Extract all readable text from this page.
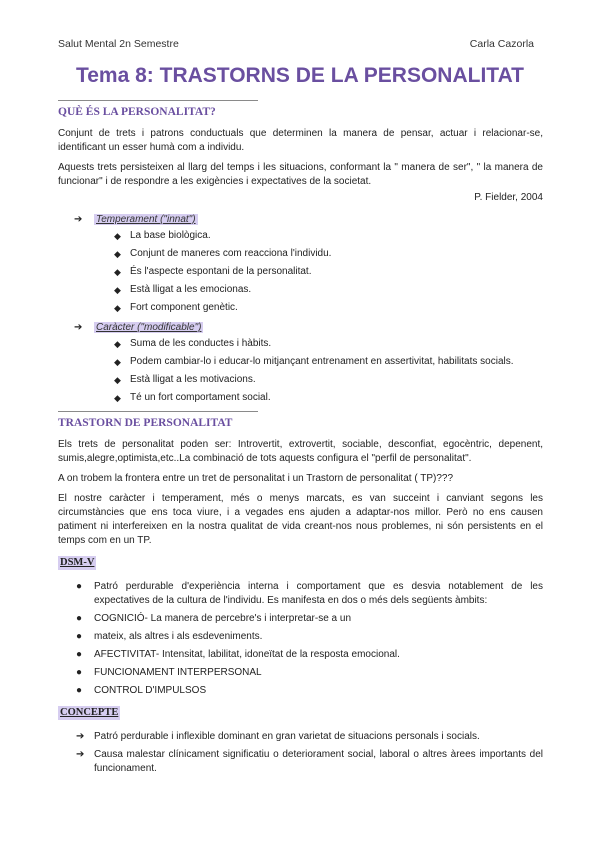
Salut Mental 2n Semestre	Carla Cazorla
Tema 8: TRASTORNS DE LA PERSONALITAT
QUÈ ÉS LA PERSONALITAT?

Conjunt de trets i patrons conductuals que determinen la manera de pensar, actuar i relacionar-se, identificant un esser humà com a individu.

Aquests trets persisteixen al llarg del temps i les situacions, conformant la " manera de ser", " la manera de funcionar" i de respondre a les exigències i expectatives de la societat.

P. Fielder, 2004
➔ Temperament ("innat")
◆ La base biològica.
◆ Conjunt de maneres com reacciona l'individu.
◆ És l'aspecte espontani de la personalitat.
◆ Està lligat a les emocionas.
◆ Fort component genètic.
➔ Caràcter ("modificable")
◆ Suma de les conductes i hàbits.
◆ Podem cambiar-lo i educar-lo mitjançant entrenament en assertivitat, habilitats socials.
◆ Està lligat a les motivacions.
◆ Té un fort comportament social.
TRASTORN DE PERSONALITAT

Els trets de personalitat poden ser: Introvertit, extrovertit, sociable, desconfiat, egocèntric, depenent, sumis,alegre,optimista,etc..La combinació de tots aquests configura el "perfil de personalitat".

A on trobem la frontera entre un tret de personalitat i un Trastorn de personalitat ( TP)???

El nostre caràcter i temperament, més o menys marcats, es van succeint i canviant segons les circumstàncies que ens toca viure, i a vegades ens ajuden a adaptar-nos millor. Però no ens causen patiment ni interfereixen en la nostra qualitat de vida creant-nos nous problemes, ni són persistents en el temps com en un TP.

DSM-V
● Patró perdurable d'experiència interna i comportament que es desvia notablement de les expectatives de la cultura de l'individu. Es manifesta en dos o més dels següents àmbits:
● COGNICIÓ- La manera de percebre's i interpretar-se a un
● mateix, als altres i als esdeveniments.
● AFECTIVITAT- Intensitat, labilitat, idoneïtat de la resposta emocional.
● FUNCIONAMENT INTERPERSONAL
● CONTROL D'IMPULSOS
CONCEPTE
➔ Patró perdurable i inflexible dominant en gran varietat de situacions personals i socials.
➔ Causa malestar clínicament significatiu o deteriorament social, laboral o altres àrees importants del funcionament.
